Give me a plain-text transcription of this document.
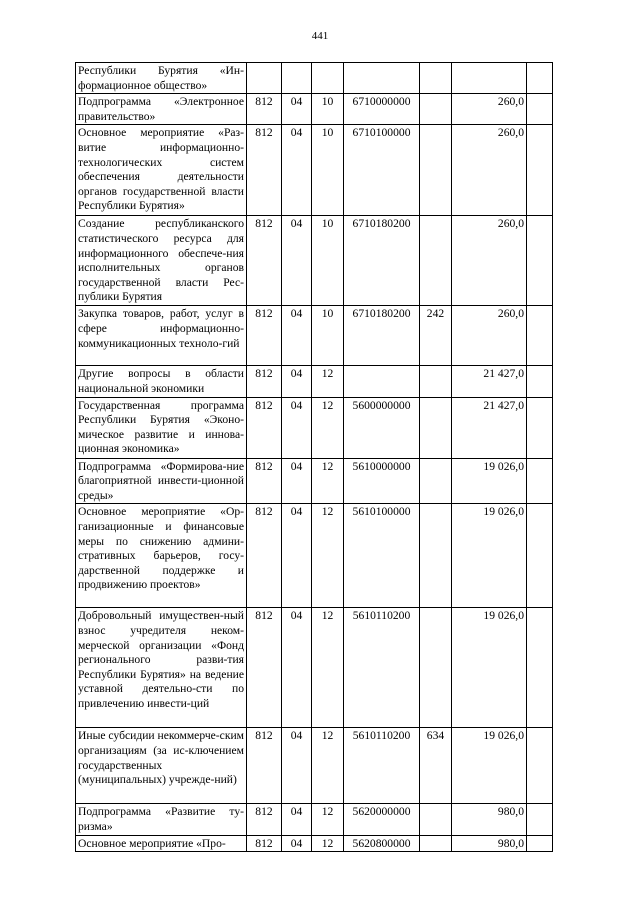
441
Республики Бурятия «Ин-формационное общество»							
Подпрограмма «Электронное правительство»	812	04	10	6710000000		260,0	
Основное мероприятие «Раз-витие информационно-технологических систем обеспечения деятельности органов государственной власти Республики Бурятия»	812	04	10	6710100000		260,0	
Создание республиканского статистического ресурса для информационного обеспече-ния исполнительных органов государственной власти Рес-публики Бурятия	812	04	10	6710180200		260,0	
Закупка товаров, работ, услуг в сфере информационно-коммуникационных техноло-гий	812	04	10	6710180200	242	260,0	
Другие вопросы в области национальной экономики	812	04	12			21 427,0	
Государственная программа Республики Бурятия «Эконо-мическое развитие и иннова-ционная экономика»	812	04	12	5600000000		21 427,0	
Подпрограмма «Формирова-ние благоприятной инвести-ционной среды»	812	04	12	5610000000		19 026,0	
Основное мероприятие «Ор-ганизационные и финансовые меры по снижению админи-стративных барьеров, госу-дарственной поддержке и продвижению проектов»	812	04	12	5610100000		19 026,0	
Добровольный имуществен-ный взнос учредителя неком-мерческой организации «Фонд регионального разви-тия Республики Бурятия» на ведение уставной деятельно-сти по привлечению инвести-ций	812	04	12	5610110200		19 026,0	
Иные субсидии некоммерче-ским организациям (за ис-ключением государственных (муниципальных) учрежде-ний)	812	04	12	5610110200	634	19 026,0	
Подпрограмма «Развитие ту-ризма»	812	04	12	5620000000		980,0	
Основное мероприятие «Про-	812	04	12	5620800000		980,0	
